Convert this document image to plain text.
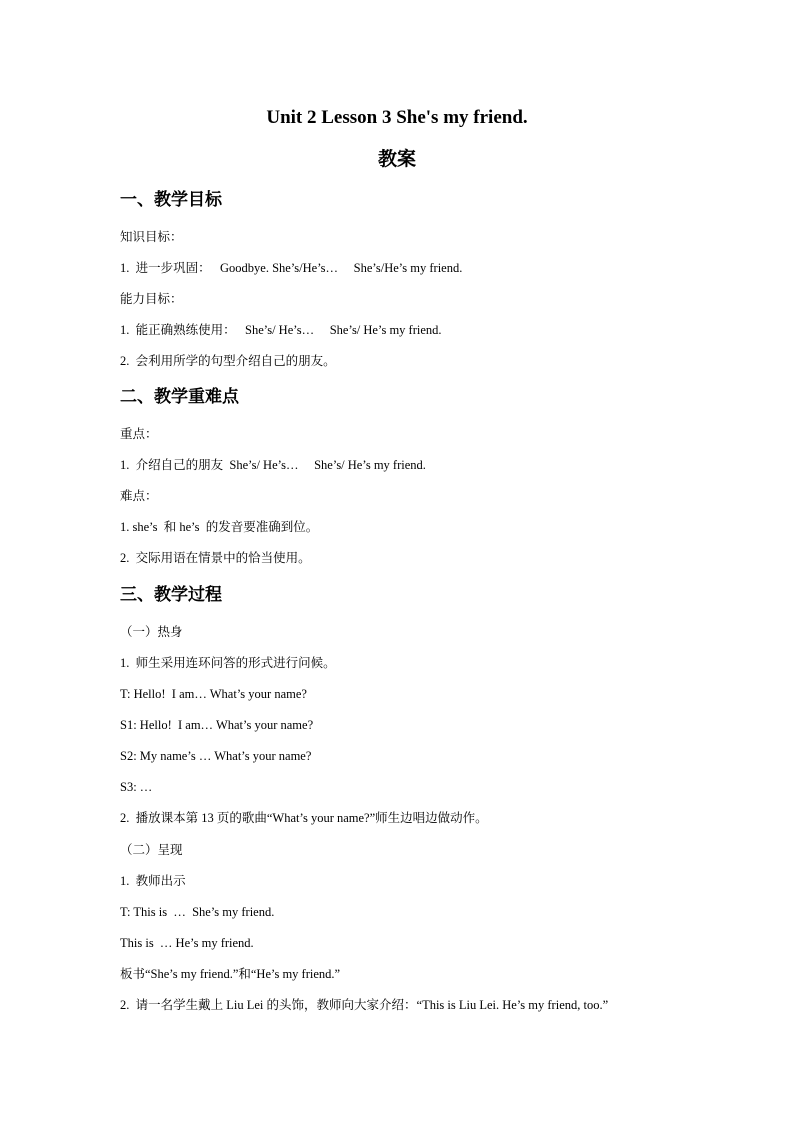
Unit 2 Lesson 3 She's my friend.
教案
一、教学目标
知识目标：
1.  进一步巩固：   Goodbye. She’s/He’s…     She’s/He’s my friend.
能力目标：
1.  能正确熟练使用：   She’s/ He’s…     She’s/ He’s my friend.
2.  会利用所学的句型介绍自己的朋友。
二、教学重难点
重点：
1.  介绍自己的朋友  She’s/ He’s…     She’s/ He’s my friend.
难点：
1. she’s  和 he’s  的发音要准确到位。
2.  交际用语在情景中的恰当使用。
三、教学过程
（一）热身
1.  师生采用连环问答的形式进行问候。
T: Hello!  I am… What’s your name?
S1: Hello!  I am… What’s your name?
S2: My name’s … What’s your name?
S3: …
2.  播放课本第 13 页的歌曲“What’s your name?”师生边唱边做动作。
（二）呈现
1.  教师出示
T: This is  …  She’s my friend.
This is  … He’s my friend.
板书“She’s my friend.”和“He’s my friend.”
2.  请一名学生戴上 Liu Lei 的头饰，教师向大家介绍：“This is Liu Lei. He’s my friend, too.”
